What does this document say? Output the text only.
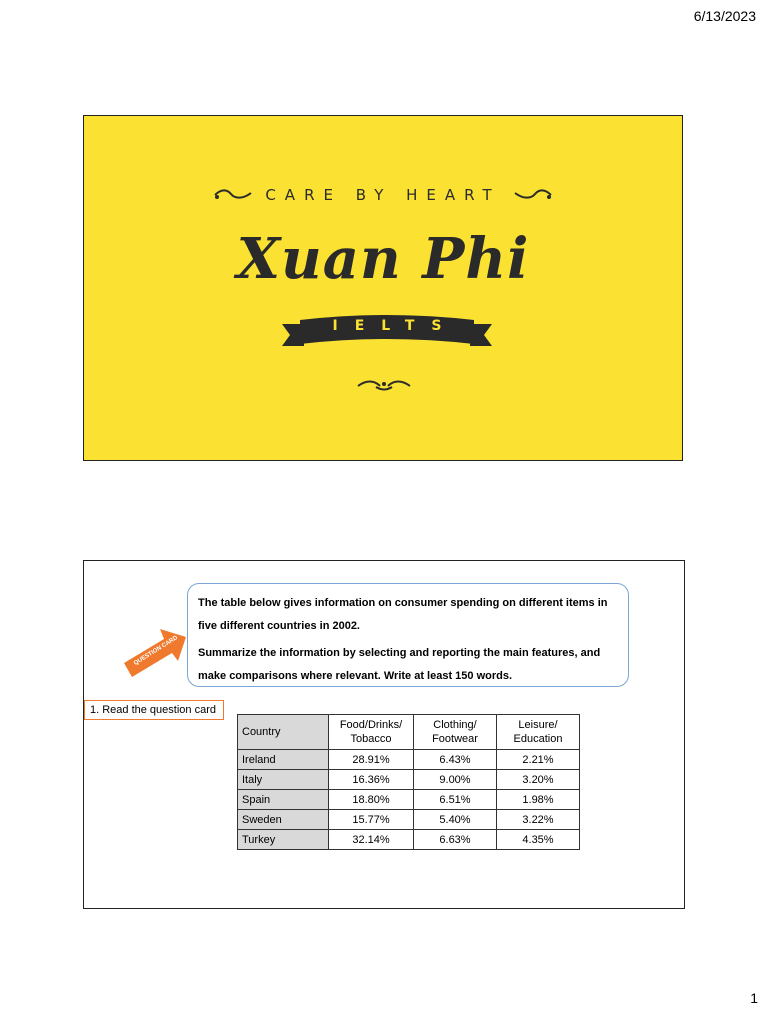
6/13/2023
CARE BY HEART
Xuan Phi
IELTS
QUESTION CARD

The table below gives information on consumer spending on different items in five different countries in 2002.

Summarize the information by selecting and reporting the main features, and make comparisons where relevant. Write at least 150 words.

1. Read the question card
Country	Food/Drinks/ Tobacco	Clothing/ Footwear	Leisure/ Education
Ireland	28.91%	6.43%	2.21%
Italy	16.36%	9.00%	3.20%
Spain	18.80%	6.51%	1.98%
Sweden	15.77%	5.40%	3.22%
Turkey	32.14%	6.63%	4.35%
1
